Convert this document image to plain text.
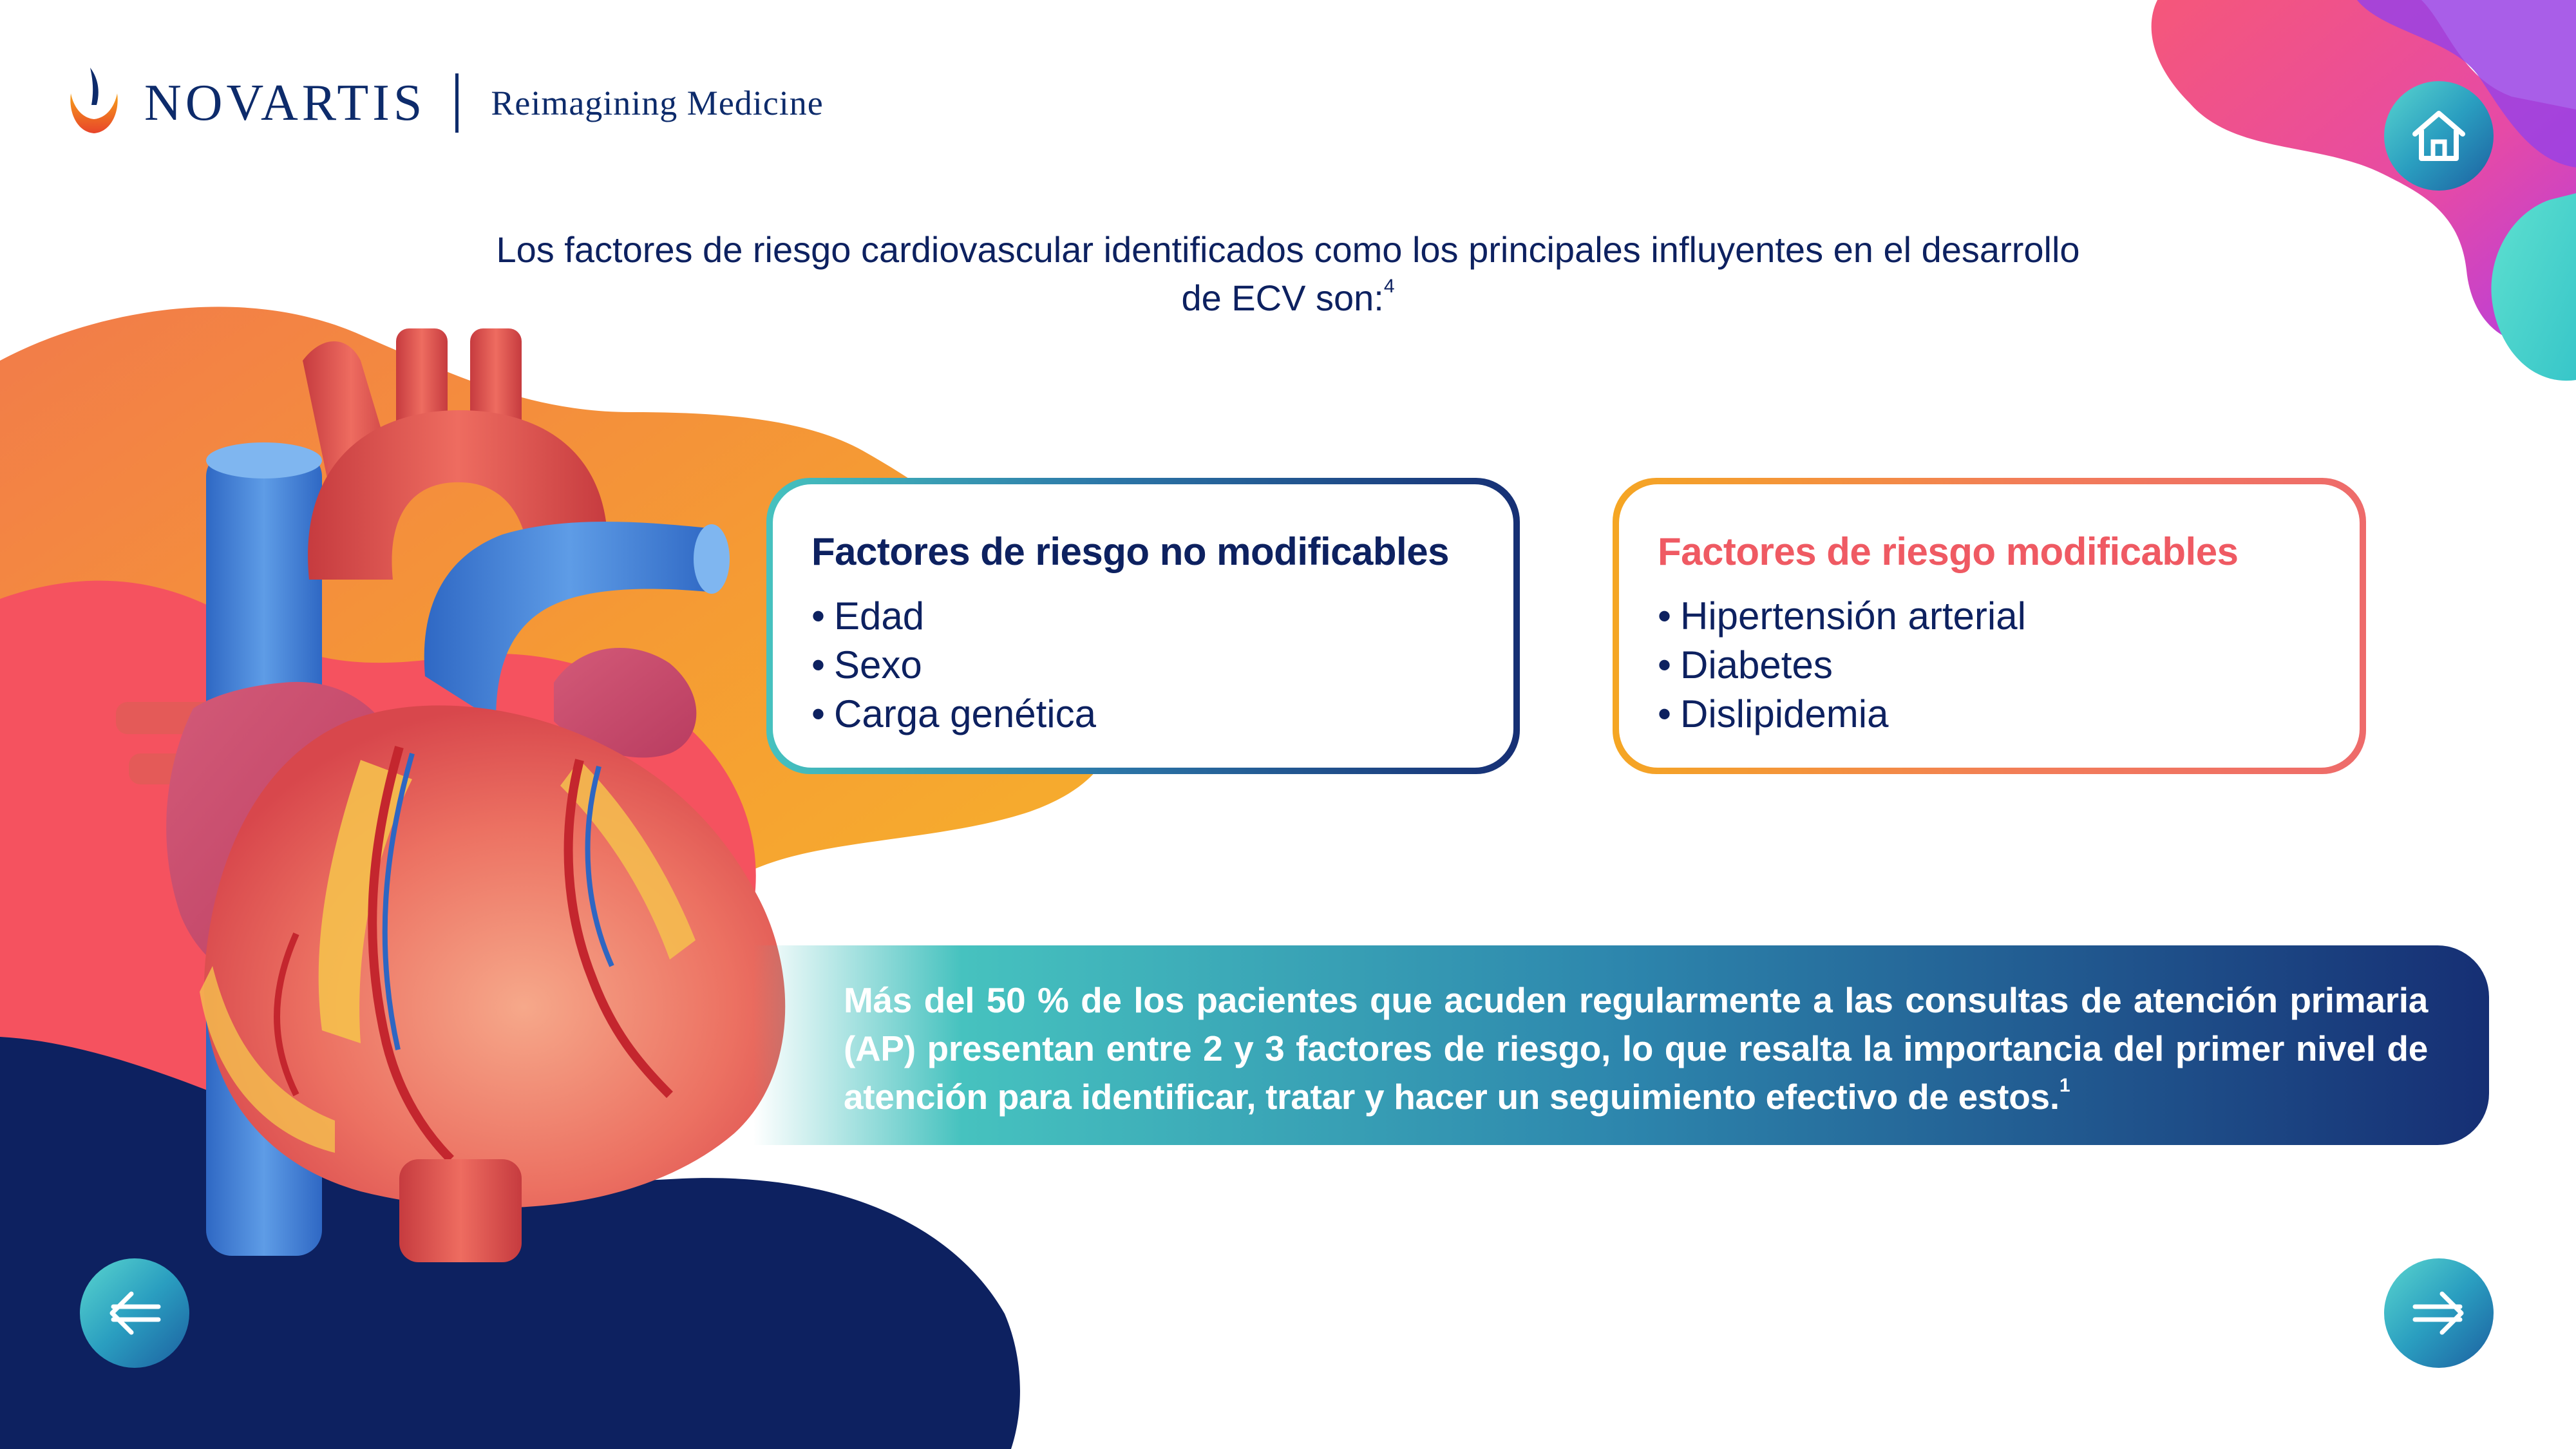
NOVARTIS Reimagining Medicine
Los factores de riesgo cardiovascular identificados como los principales influyentes en el desarrollo de ECV son:$^4$
Factores de riesgo no modificables
• Edad
• Sexo
• Carga genética
Factores de riesgo modificables
• Hipertensión arterial
• Diabetes
• Dislipidemia
Más del 50 % de los pacientes que acuden regularmente a las consultas de atención primaria (AP) presentan entre 2 y 3 factores de riesgo, lo que resalta la importancia del primer nivel de atención para identificar, tratar y hacer un seguimiento efectivo de estos.$^1$
